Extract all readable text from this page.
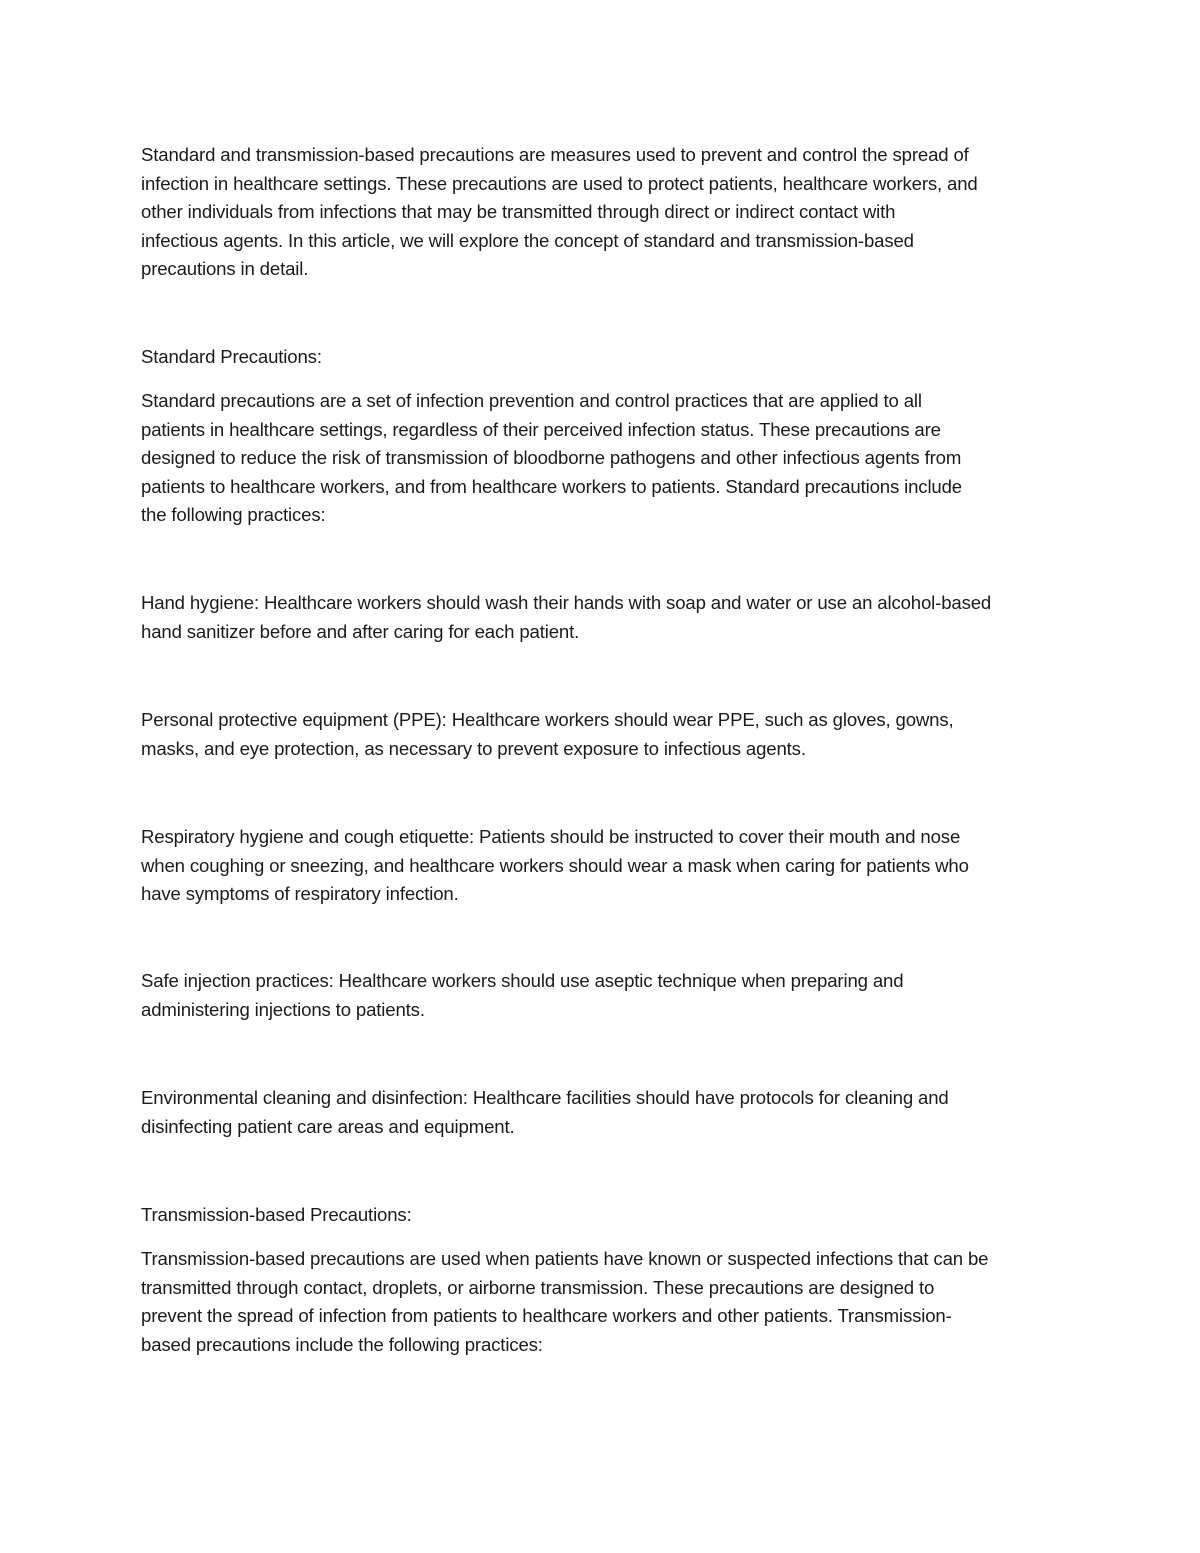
Standard and transmission-based precautions are measures used to prevent and control the spread of
infection in healthcare settings. These precautions are used to protect patients, healthcare workers, and
other individuals from infections that may be transmitted through direct or indirect contact with
infectious agents. In this article, we will explore the concept of standard and transmission-based
precautions in detail.

Standard Precautions:

Standard precautions are a set of infection prevention and control practices that are applied to all
patients in healthcare settings, regardless of their perceived infection status. These precautions are
designed to reduce the risk of transmission of bloodborne pathogens and other infectious agents from
patients to healthcare workers, and from healthcare workers to patients. Standard precautions include
the following practices:

Hand hygiene: Healthcare workers should wash their hands with soap and water or use an alcohol-based
hand sanitizer before and after caring for each patient.

Personal protective equipment (PPE): Healthcare workers should wear PPE, such as gloves, gowns,
masks, and eye protection, as necessary to prevent exposure to infectious agents.

Respiratory hygiene and cough etiquette: Patients should be instructed to cover their mouth and nose
when coughing or sneezing, and healthcare workers should wear a mask when caring for patients who
have symptoms of respiratory infection.

Safe injection practices: Healthcare workers should use aseptic technique when preparing and
administering injections to patients.

Environmental cleaning and disinfection: Healthcare facilities should have protocols for cleaning and
disinfecting patient care areas and equipment.

Transmission-based Precautions:

Transmission-based precautions are used when patients have known or suspected infections that can be
transmitted through contact, droplets, or airborne transmission. These precautions are designed to
prevent the spread of infection from patients to healthcare workers and other patients. Transmission-
based precautions include the following practices:
